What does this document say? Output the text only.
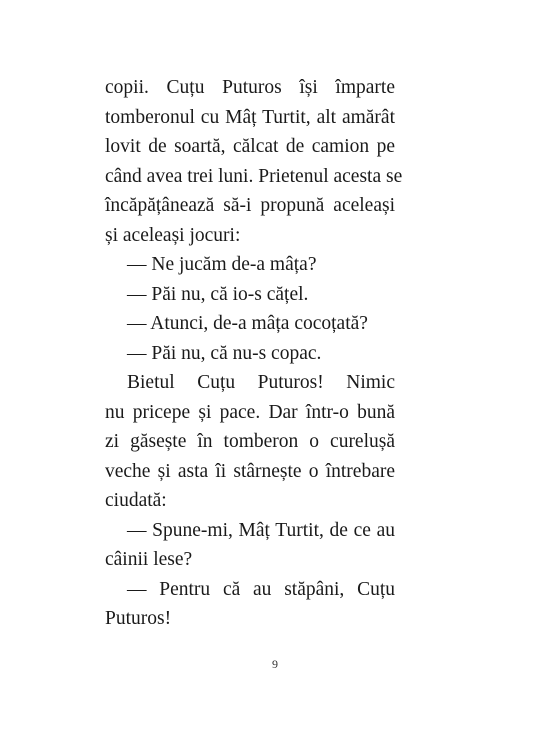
copii. Cuțu Puturos își împarte
tomberonul cu Mâț Turtit, alt amărât
lovit de soartă, călcat de camion pe
când avea trei luni. Prietenul acesta se
încăpățânează să-i propună aceleași
și aceleași jocuri:
— Ne jucăm de-a mâța?
— Păi nu, că io-s cățel.
— Atunci, de-a mâța cocoțată?
— Păi nu, că nu-s copac.
Bietul Cuțu Puturos! Nimic
nu pricepe și pace. Dar într-o bună
zi găsește în tomberon o curelușă
veche și asta îi stârnește o întrebare
ciudată:
— Spune-mi, Mâț Turtit, de ce au
câinii lese?
— Pentru că au stăpâni, Cuțu
Puturos!
9
